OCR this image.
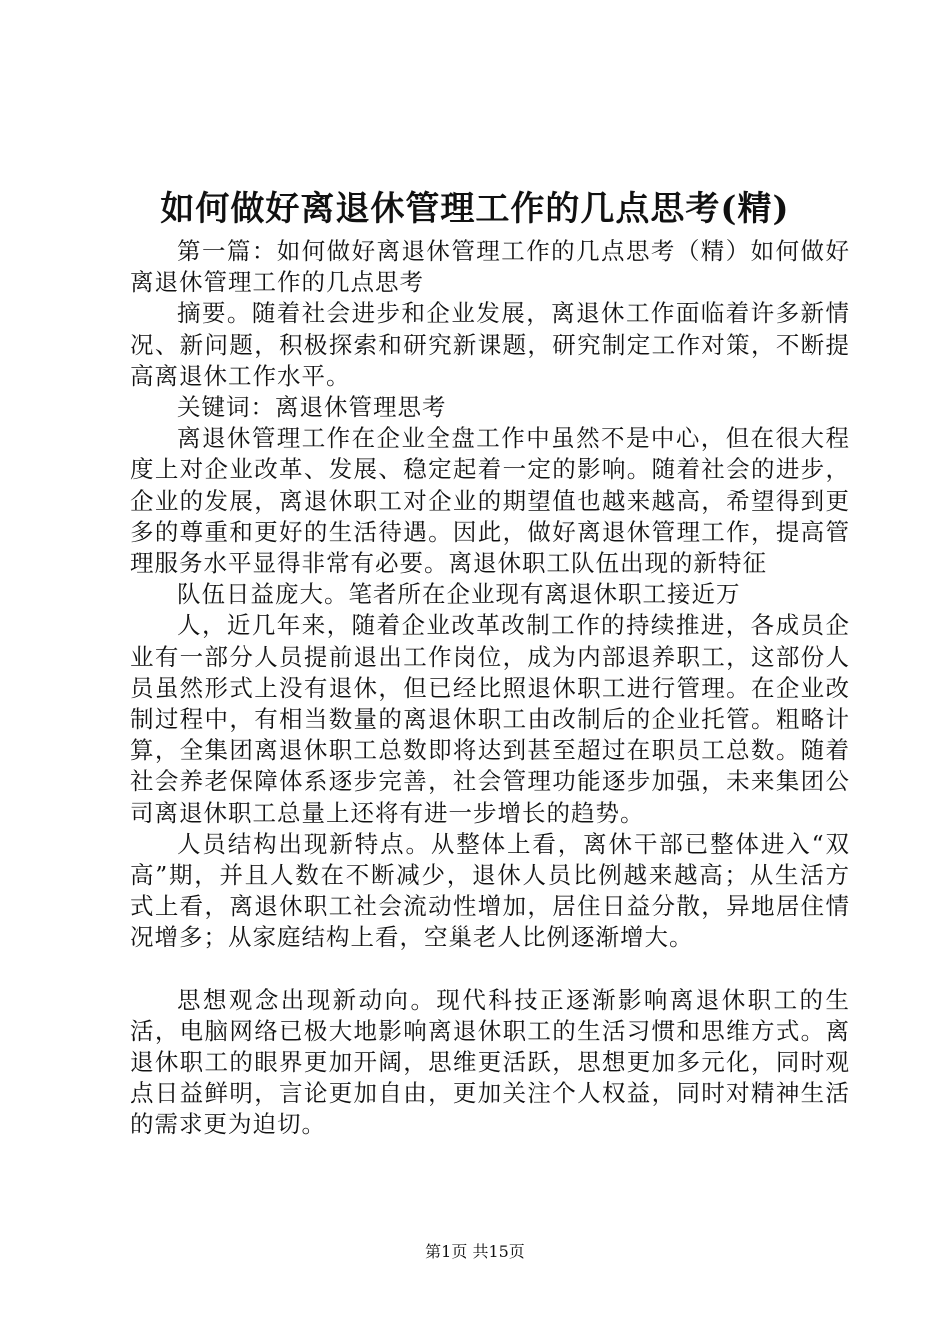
如何做好离退休管理工作的几点思考(精)

第一篇：如何做好离退休管理工作的几点思考（精）如何做好离退休管理工作的几点思考

摘要。随着社会进步和企业发展，离退休工作面临着许多新情况、新问题，积极探索和研究新课题，研究制定工作对策，不断提高离退休工作水平。

关键词：离退休管理思考

离退休管理工作在企业全盘工作中虽然不是中心，但在很大程度上对企业改革、发展、稳定起着一定的影响。随着社会的进步，企业的发展，离退休职工对企业的期望值也越来越高，希望得到更多的尊重和更好的生活待遇。因此，做好离退休管理工作，提高管理服务水平显得非常有必要。离退休职工队伍出现的新特征

队伍日益庞大。笔者所在企业现有离退休职工接近万

人，近几年来，随着企业改革改制工作的持续推进，各成员企业有一部分人员提前退出工作岗位，成为内部退养职工，这部份人员虽然形式上没有退休，但已经比照退休职工进行管理。在企业改制过程中，有相当数量的离退休职工由改制后的企业托管。粗略计算，全集团离退休职工总数即将达到甚至超过在职员工总数。随着社会养老保障体系逐步完善，社会管理功能逐步加强，未来集团公司离退休职工总量上还将有进一步增长的趋势。

人员结构出现新特点。从整体上看，离休干部已整体进入“双高”期，并且人数在不断减少，退休人员比例越来越高；从生活方式上看，离退休职工社会流动性增加，居住日益分散，异地居住情况增多；从家庭结构上看，空巢老人比例逐渐增大。

思想观念出现新动向。现代科技正逐渐影响离退休职工的生活，电脑网络已极大地影响离退休职工的生活习惯和思维方式。离退休职工的眼界更加开阔，思维更活跃，思想更加多元化，同时观点日益鲜明，言论更加自由，更加关注个人权益，同时对精神生活的需求更为迫切。

第1页 共15页
